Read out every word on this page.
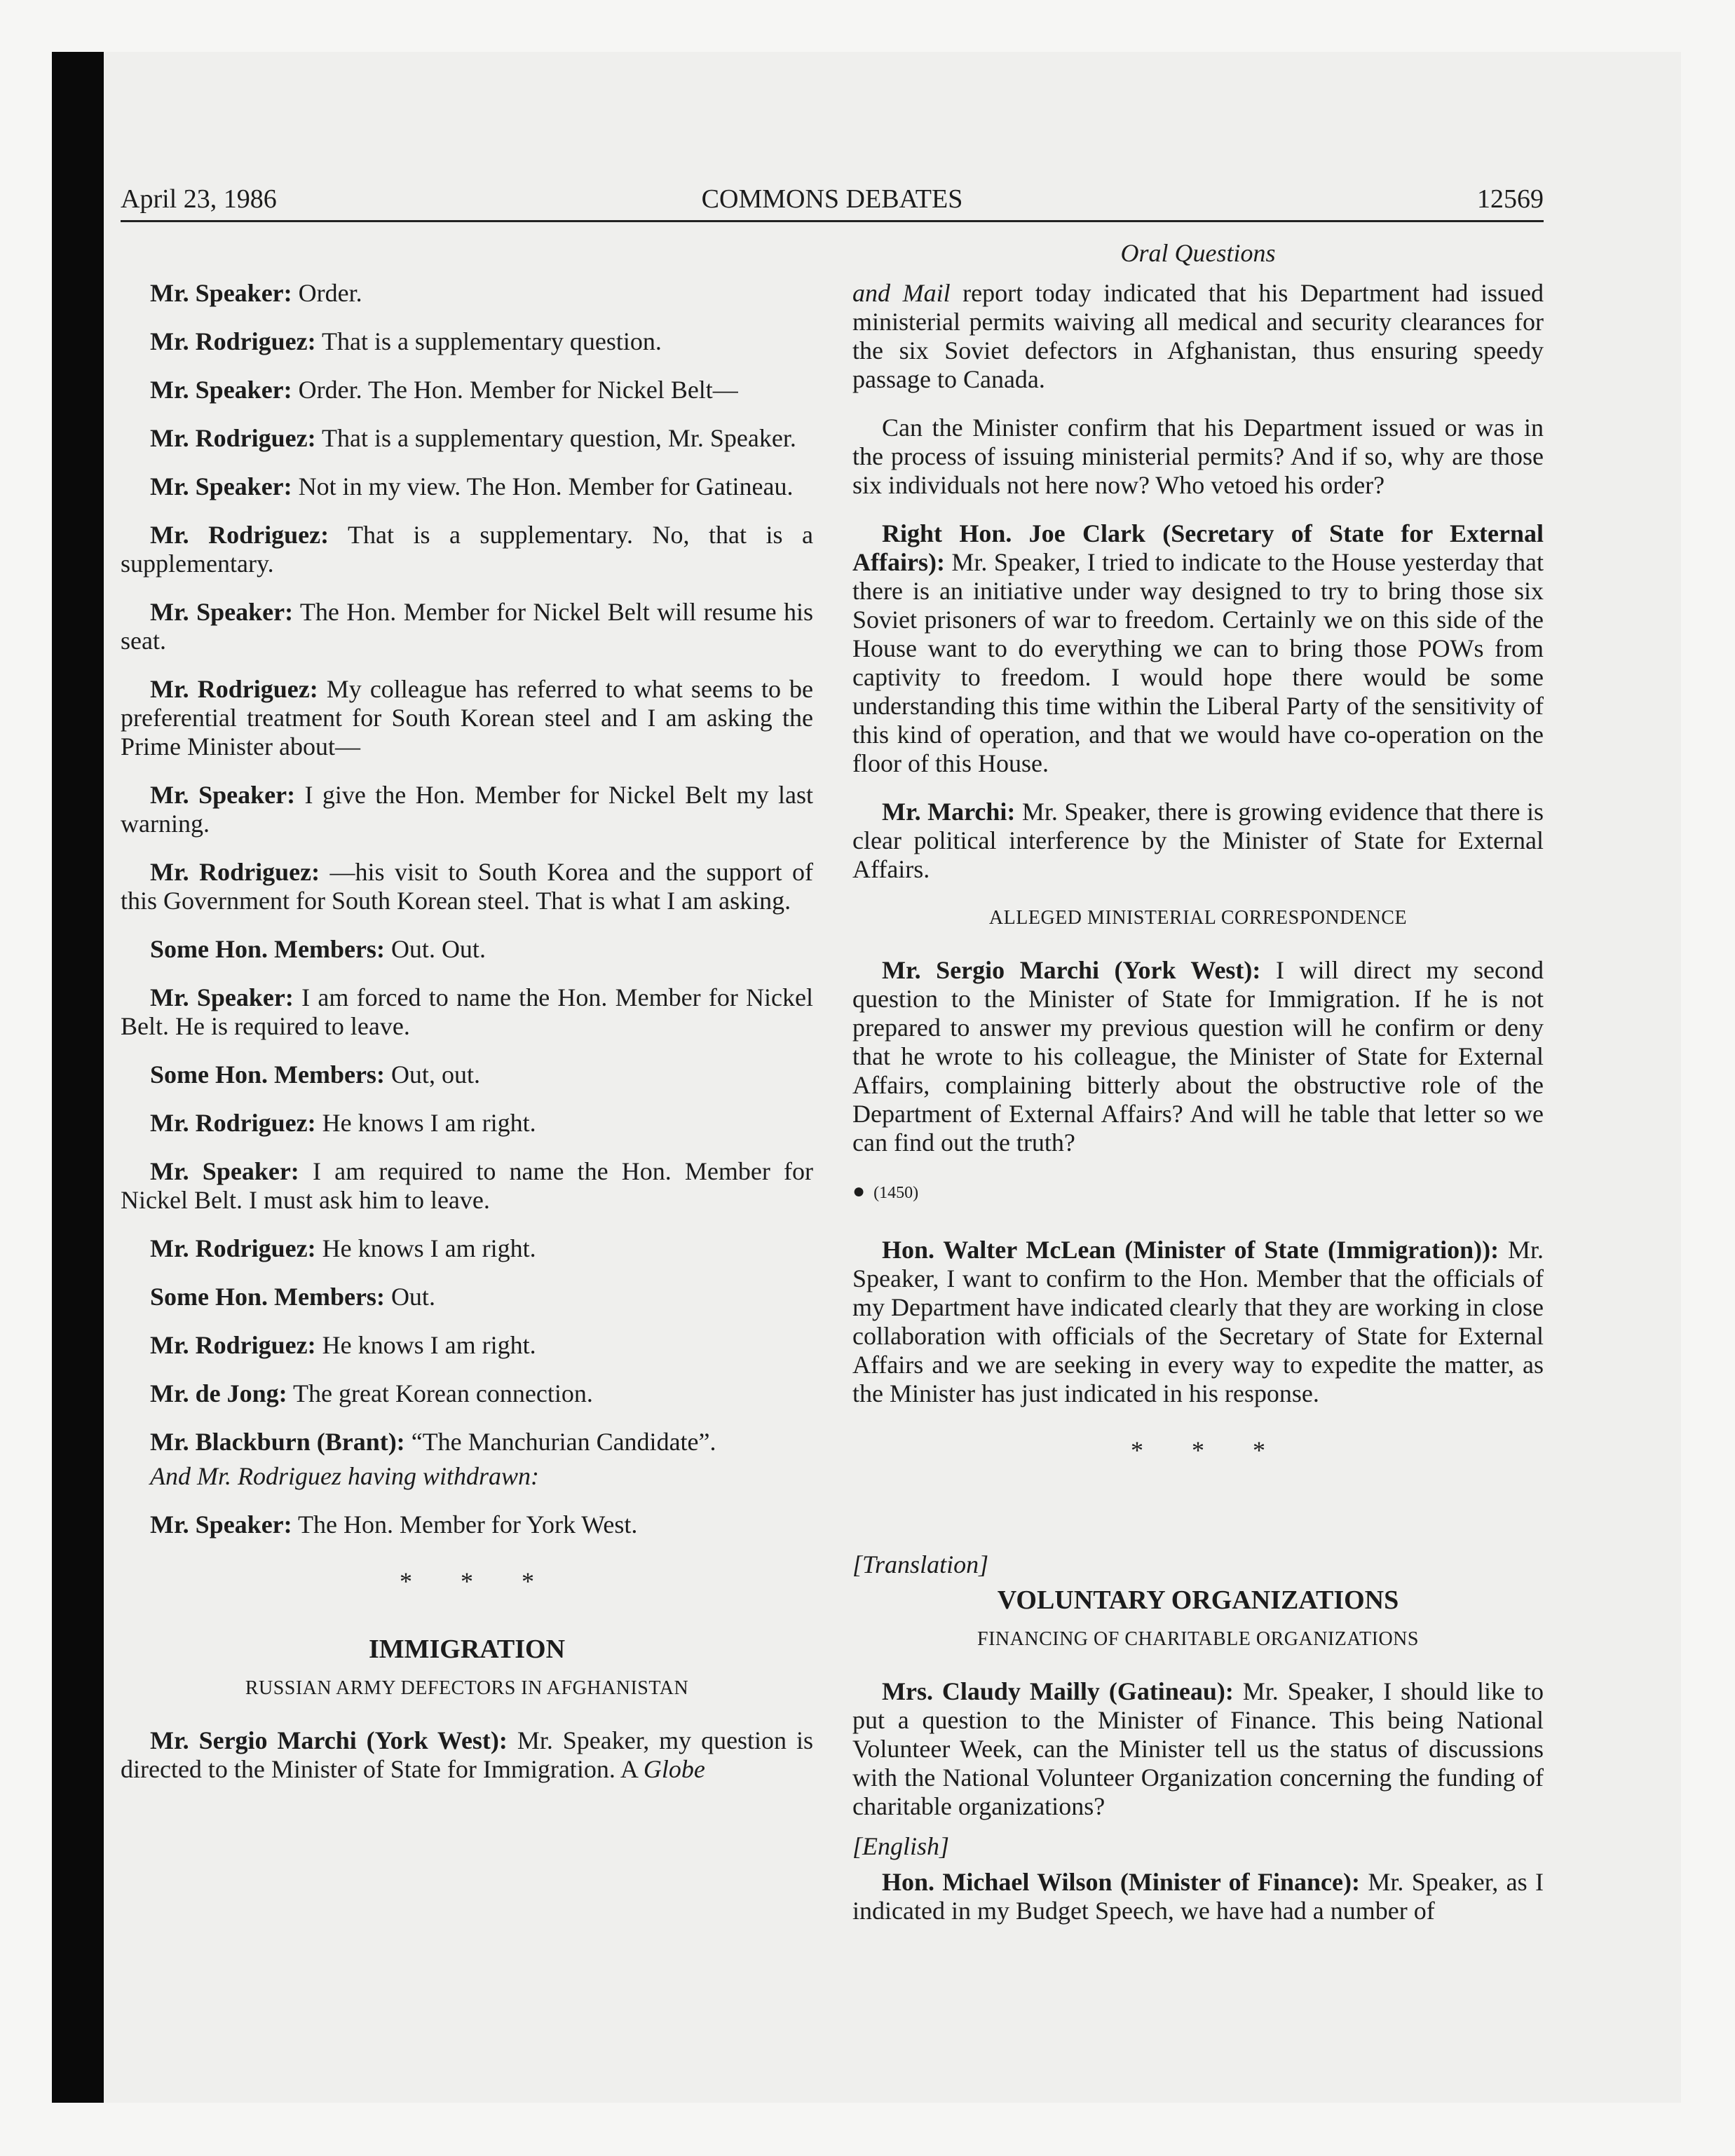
April 23, 1986	COMMONS DEBATES	12569
Oral Questions

Mr. Speaker: Order.

Mr. Rodriguez: That is a supplementary question.

Mr. Speaker: Order. The Hon. Member for Nickel Belt—

Mr. Rodriguez: That is a supplementary question, Mr. Speaker.

Mr. Speaker: Not in my view. The Hon. Member for Gatineau.

Mr. Rodriguez: That is a supplementary. No, that is a supplementary.

Mr. Speaker: The Hon. Member for Nickel Belt will resume his seat.

Mr. Rodriguez: My colleague has referred to what seems to be preferential treatment for South Korean steel and I am asking the Prime Minister about—

Mr. Speaker: I give the Hon. Member for Nickel Belt my last warning.

Mr. Rodriguez: —his visit to South Korea and the support of this Government for South Korean steel. That is what I am asking.

Some Hon. Members: Out. Out.

Mr. Speaker: I am forced to name the Hon. Member for Nickel Belt. He is required to leave.

Some Hon. Members: Out, out.

Mr. Rodriguez: He knows I am right.

Mr. Speaker: I am required to name the Hon. Member for Nickel Belt. I must ask him to leave.

Mr. Rodriguez: He knows I am right.

Some Hon. Members: Out.

Mr. Rodriguez: He knows I am right.

Mr. de Jong: The great Korean connection.

Mr. Blackburn (Brant): “The Manchurian Candidate”.

And Mr. Rodriguez having withdrawn:

Mr. Speaker: The Hon. Member for York West.

* * *
IMMIGRATION
RUSSIAN ARMY DEFECTORS IN AFGHANISTAN

Mr. Sergio Marchi (York West): Mr. Speaker, my question is directed to the Minister of State for Immigration. A Globe

and Mail report today indicated that his Department had issued ministerial permits waiving all medical and security clearances for the six Soviet defectors in Afghanistan, thus ensuring speedy passage to Canada.

Can the Minister confirm that his Department issued or was in the process of issuing ministerial permits? And if so, why are those six individuals not here now? Who vetoed his order?

Right Hon. Joe Clark (Secretary of State for External Affairs): Mr. Speaker, I tried to indicate to the House yesterday that there is an initiative under way designed to try to bring those six Soviet prisoners of war to freedom. Certainly we on this side of the House want to do everything we can to bring those POWs from captivity to freedom. I would hope there would be some understanding this time within the Liberal Party of the sensitivity of this kind of operation, and that we would have co-operation on the floor of this House.

Mr. Marchi: Mr. Speaker, there is growing evidence that there is clear political interference by the Minister of State for External Affairs.

ALLEGED MINISTERIAL CORRESPONDENCE

Mr. Sergio Marchi (York West): I will direct my second question to the Minister of State for Immigration. If he is not prepared to answer my previous question will he confirm or deny that he wrote to his colleague, the Minister of State for External Affairs, complaining bitterly about the obstructive role of the Department of External Affairs? And will he table that letter so we can find out the truth?

● (1450)

Hon. Walter McLean (Minister of State (Immigration)): Mr. Speaker, I want to confirm to the Hon. Member that the officials of my Department have indicated clearly that they are working in close collaboration with officials of the Secretary of State for External Affairs and we are seeking in every way to expedite the matter, as the Minister has just indicated in his response.

* * *
[Translation]
VOLUNTARY ORGANIZATIONS
FINANCING OF CHARITABLE ORGANIZATIONS

Mrs. Claudy Mailly (Gatineau): Mr. Speaker, I should like to put a question to the Minister of Finance. This being National Volunteer Week, can the Minister tell us the status of discussions with the National Volunteer Organization concerning the funding of charitable organizations?

[English]

Hon. Michael Wilson (Minister of Finance): Mr. Speaker, as I indicated in my Budget Speech, we have had a number of
